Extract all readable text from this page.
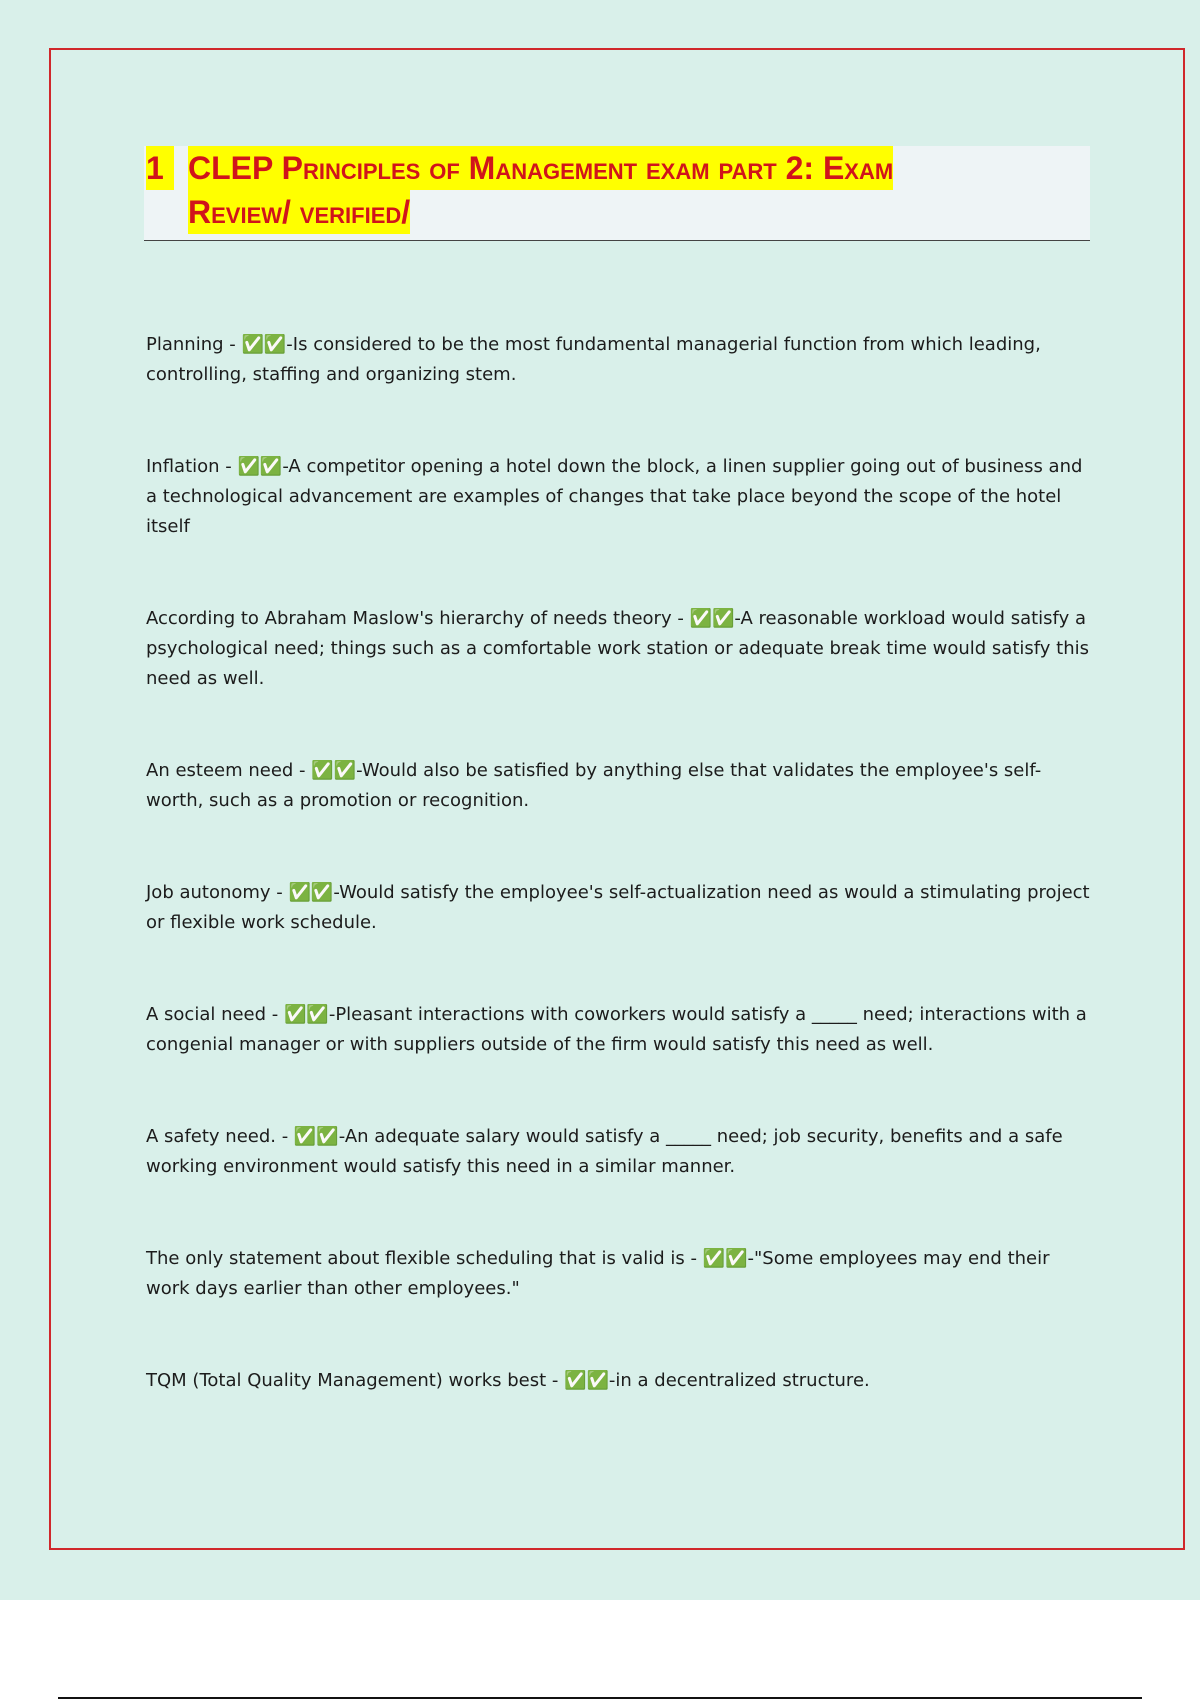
1 CLEP Principles of Management exam part 2: Exam
Review/ verified/

Planning - ✅✅-Is considered to be the most fundamental managerial function from which leading, controlling, staffing and organizing stem.

Inflation - ✅✅-A competitor opening a hotel down the block, a linen supplier going out of business and a technological advancement are examples of changes that take place beyond the scope of the hotel itself

According to Abraham Maslow's hierarchy of needs theory - ✅✅-A reasonable workload would satisfy a psychological need; things such as a comfortable work station or adequate break time would satisfy this need as well.

An esteem need - ✅✅-Would also be satisfied by anything else that validates the employee's self-worth, such as a promotion or recognition.

Job autonomy - ✅✅-Would satisfy the employee's self-actualization need as would a stimulating project or flexible work schedule.

A social need - ✅✅-Pleasant interactions with coworkers would satisfy a _____ need; interactions with a congenial manager or with suppliers outside of the firm would satisfy this need as well.

A safety need. - ✅✅-An adequate salary would satisfy a _____ need; job security, benefits and a safe working environment would satisfy this need in a similar manner.

The only statement about flexible scheduling that is valid is - ✅✅-"Some employees may end their work days earlier than other employees."

TQM (Total Quality Management) works best - ✅✅-in a decentralized structure.
